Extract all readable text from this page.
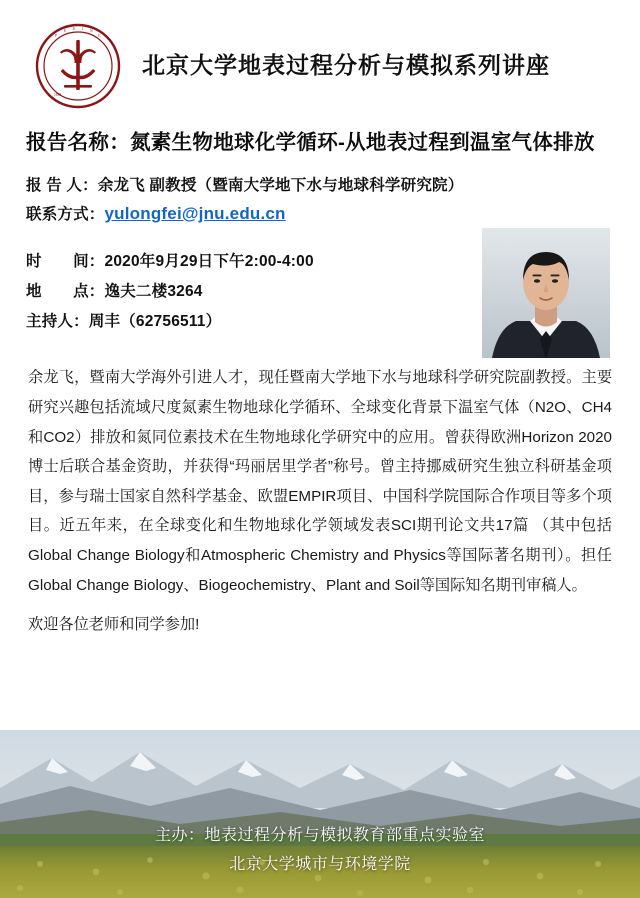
P
E K I N
G
1898
北京大学地表过程分析与模拟系列讲座
报告名称：氮素生物地球化学循环-从地表过程到温室气体排放
报 告 人：余龙飞 副教授（暨南大学地下水与地球科学研究院）
联系方式：yulongfei@jnu.edu.cn
时　　间：2020年9月29日下午2:00-4:00
地　　点：逸夫二楼3264
主持人：周丰（62756511）

余龙飞，暨南大学海外引进人才，现任暨南大学地下水与地球科学研究院副教授。主要研究兴趣包括流域尺度氮素生物地球化学循环、全球变化背景下温室气体（N2O、CH4和CO2）排放和氮同位素技术在生物地球化学研究中的应用。曾获得欧洲Horizon 2020博士后联合基金资助，并获得“玛丽居里学者”称号。曾主持挪威研究生独立科研基金项目，参与瑞士国家自然科学基金、欧盟EMPIR项目、中国科学院国际合作项目等多个项目。近五年来，在全球变化和生物地球化学领域发表SCI期刊论文共17篇 （其中包括Global Change Biology和Atmospheric Chemistry and Physics等国际著名期刊）。担任Global Change Biology、Biogeochemistry、Plant and Soil等国际知名期刊审稿人。

欢迎各位老师和同学参加!
主办：地表过程分析与模拟教育部重点实验室
北京大学城市与环境学院
